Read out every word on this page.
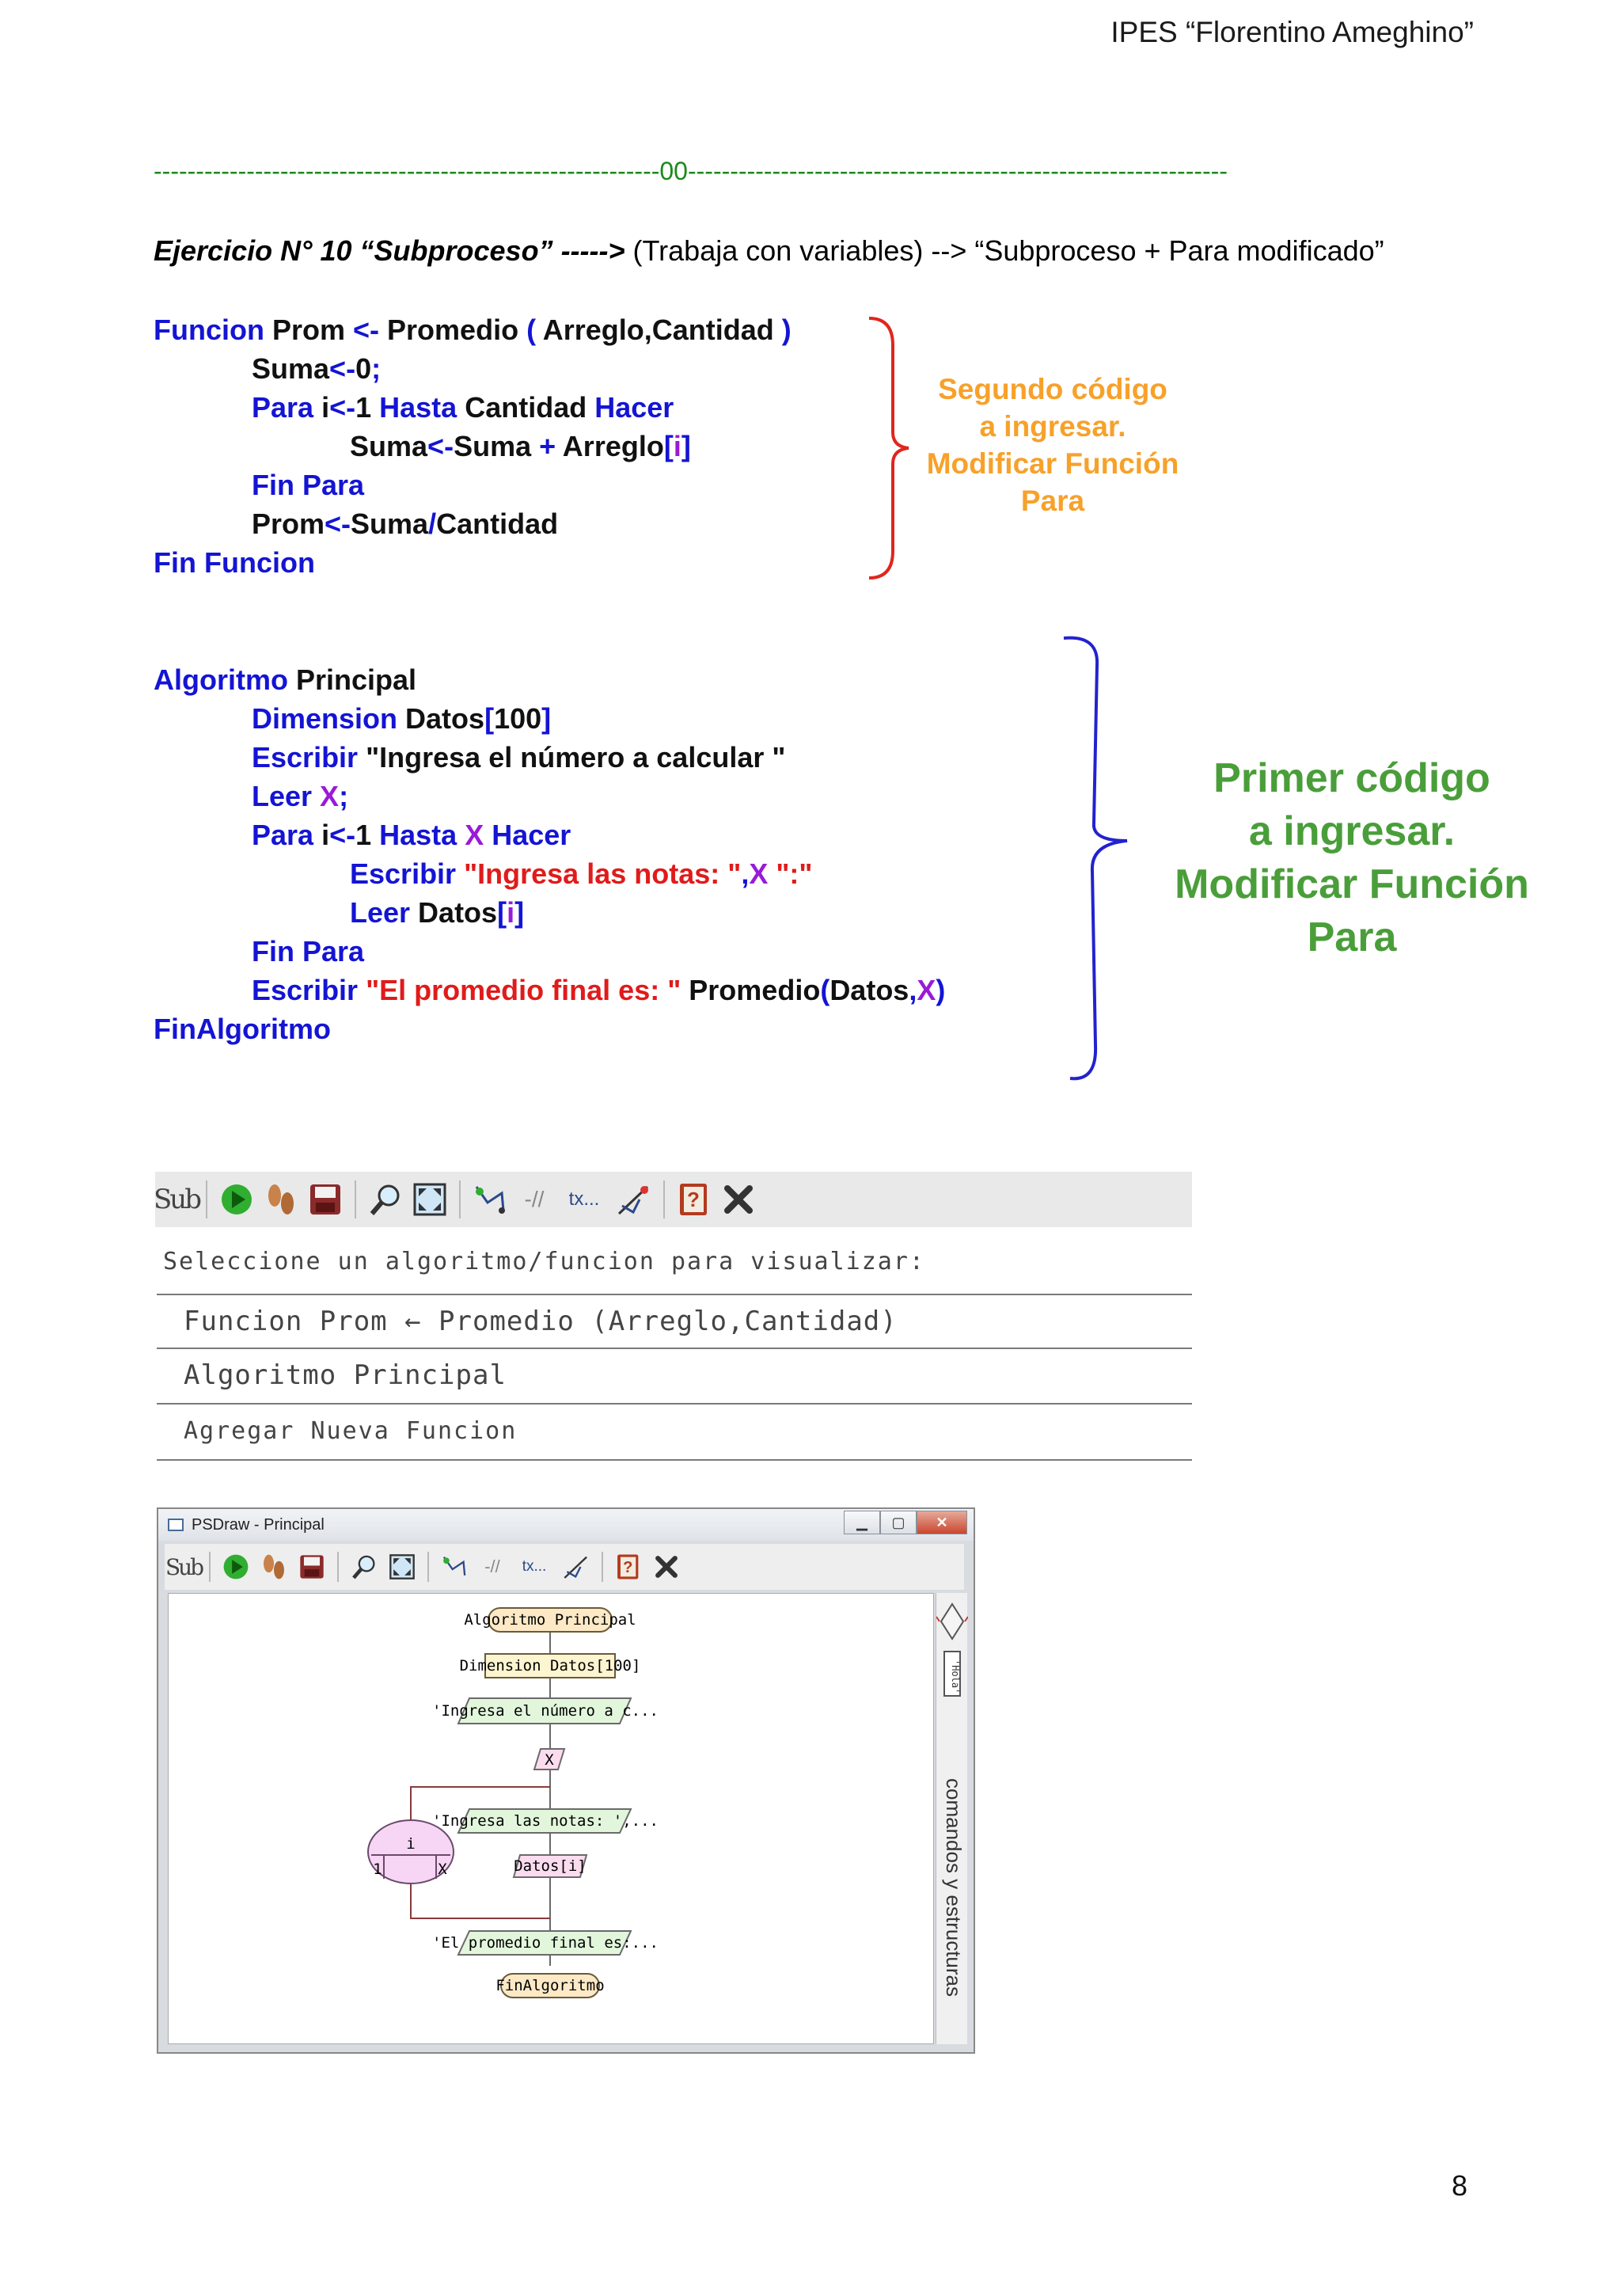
IPES “Florentino Ameghino”
------------------------------------------------------------00----------------------------------------------------------------
Ejercicio N° 10 “Subproceso” -----> (Trabaja con variables) --> “Subproceso + Para modificado”
Funcion Prom <- Promedio ( Arreglo,Cantidad )
Suma<-0;
Para i<-1 Hasta Cantidad Hacer
Suma<-Suma + Arreglo[i]
Fin Para
Prom<-Suma/Cantidad
Fin Funcion
Segundo código
a ingresar.
Modificar Función
Para
Algoritmo Principal
Dimension Datos[100]
Escribir "Ingresa el número a calcular "
Leer X;
Para i<-1 Hasta X Hacer
Escribir "Ingresa las notas: ",X ":"
Leer Datos[i]
Fin Para
Escribir "El promedio final es: " Promedio(Datos,X)
FinAlgoritmo
Primer código
a ingresar.
Modificar Función
Para
Sub	-//	tx...	?
Seleccione un algoritmo/funcion para visualizar:
Funcion Prom ← Promedio (Arreglo,Cantidad)
Algoritmo Principal
Agregar Nueva Funcion
PSDraw - Principal	▁	▢	✕
Sub	-//	tx...	?
Algoritmo Principal
Dimension Datos[100]
'Ingresa el número a c...
X
i
1	X
'Ingresa las notas: ',...
Datos[i]
'El promedio final es:...
FinAlgoritmo
'Hola'
comandos y estructuras
8
